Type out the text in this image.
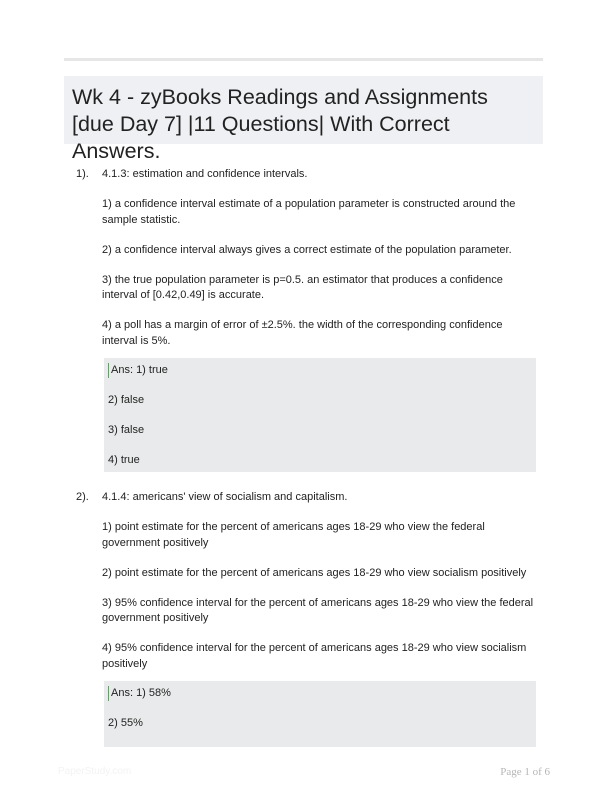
Wk 4 - zyBooks Readings and Assignments [due Day 7] |11 Questions| With Correct Answers.
1). 4.1.3: estimation and confidence intervals.

1) a confidence interval estimate of a population parameter is constructed around the sample statistic.

2) a confidence interval always gives a correct estimate of the population parameter.

3) the true population parameter is p=0.5. an estimator that produces a confidence interval of [0.42,0.49] is accurate.

4) a poll has a margin of error of ±2.5%. the width of the corresponding confidence interval is 5%.

Ans: 1) true
2) false
3) false
4) true
2). 4.1.4: americans' view of socialism and capitalism.

1) point estimate for the percent of americans ages 18-29 who view the federal government positively

2) point estimate for the percent of americans ages 18-29 who view socialism positively

3) 95% confidence interval for the percent of americans ages 18-29 who view the federal government positively

4) 95% confidence interval for the percent of americans ages 18-29 who view socialism positively

Ans: 1) 58%
2) 55%
PaperStudy.com	Page 1 of 6
